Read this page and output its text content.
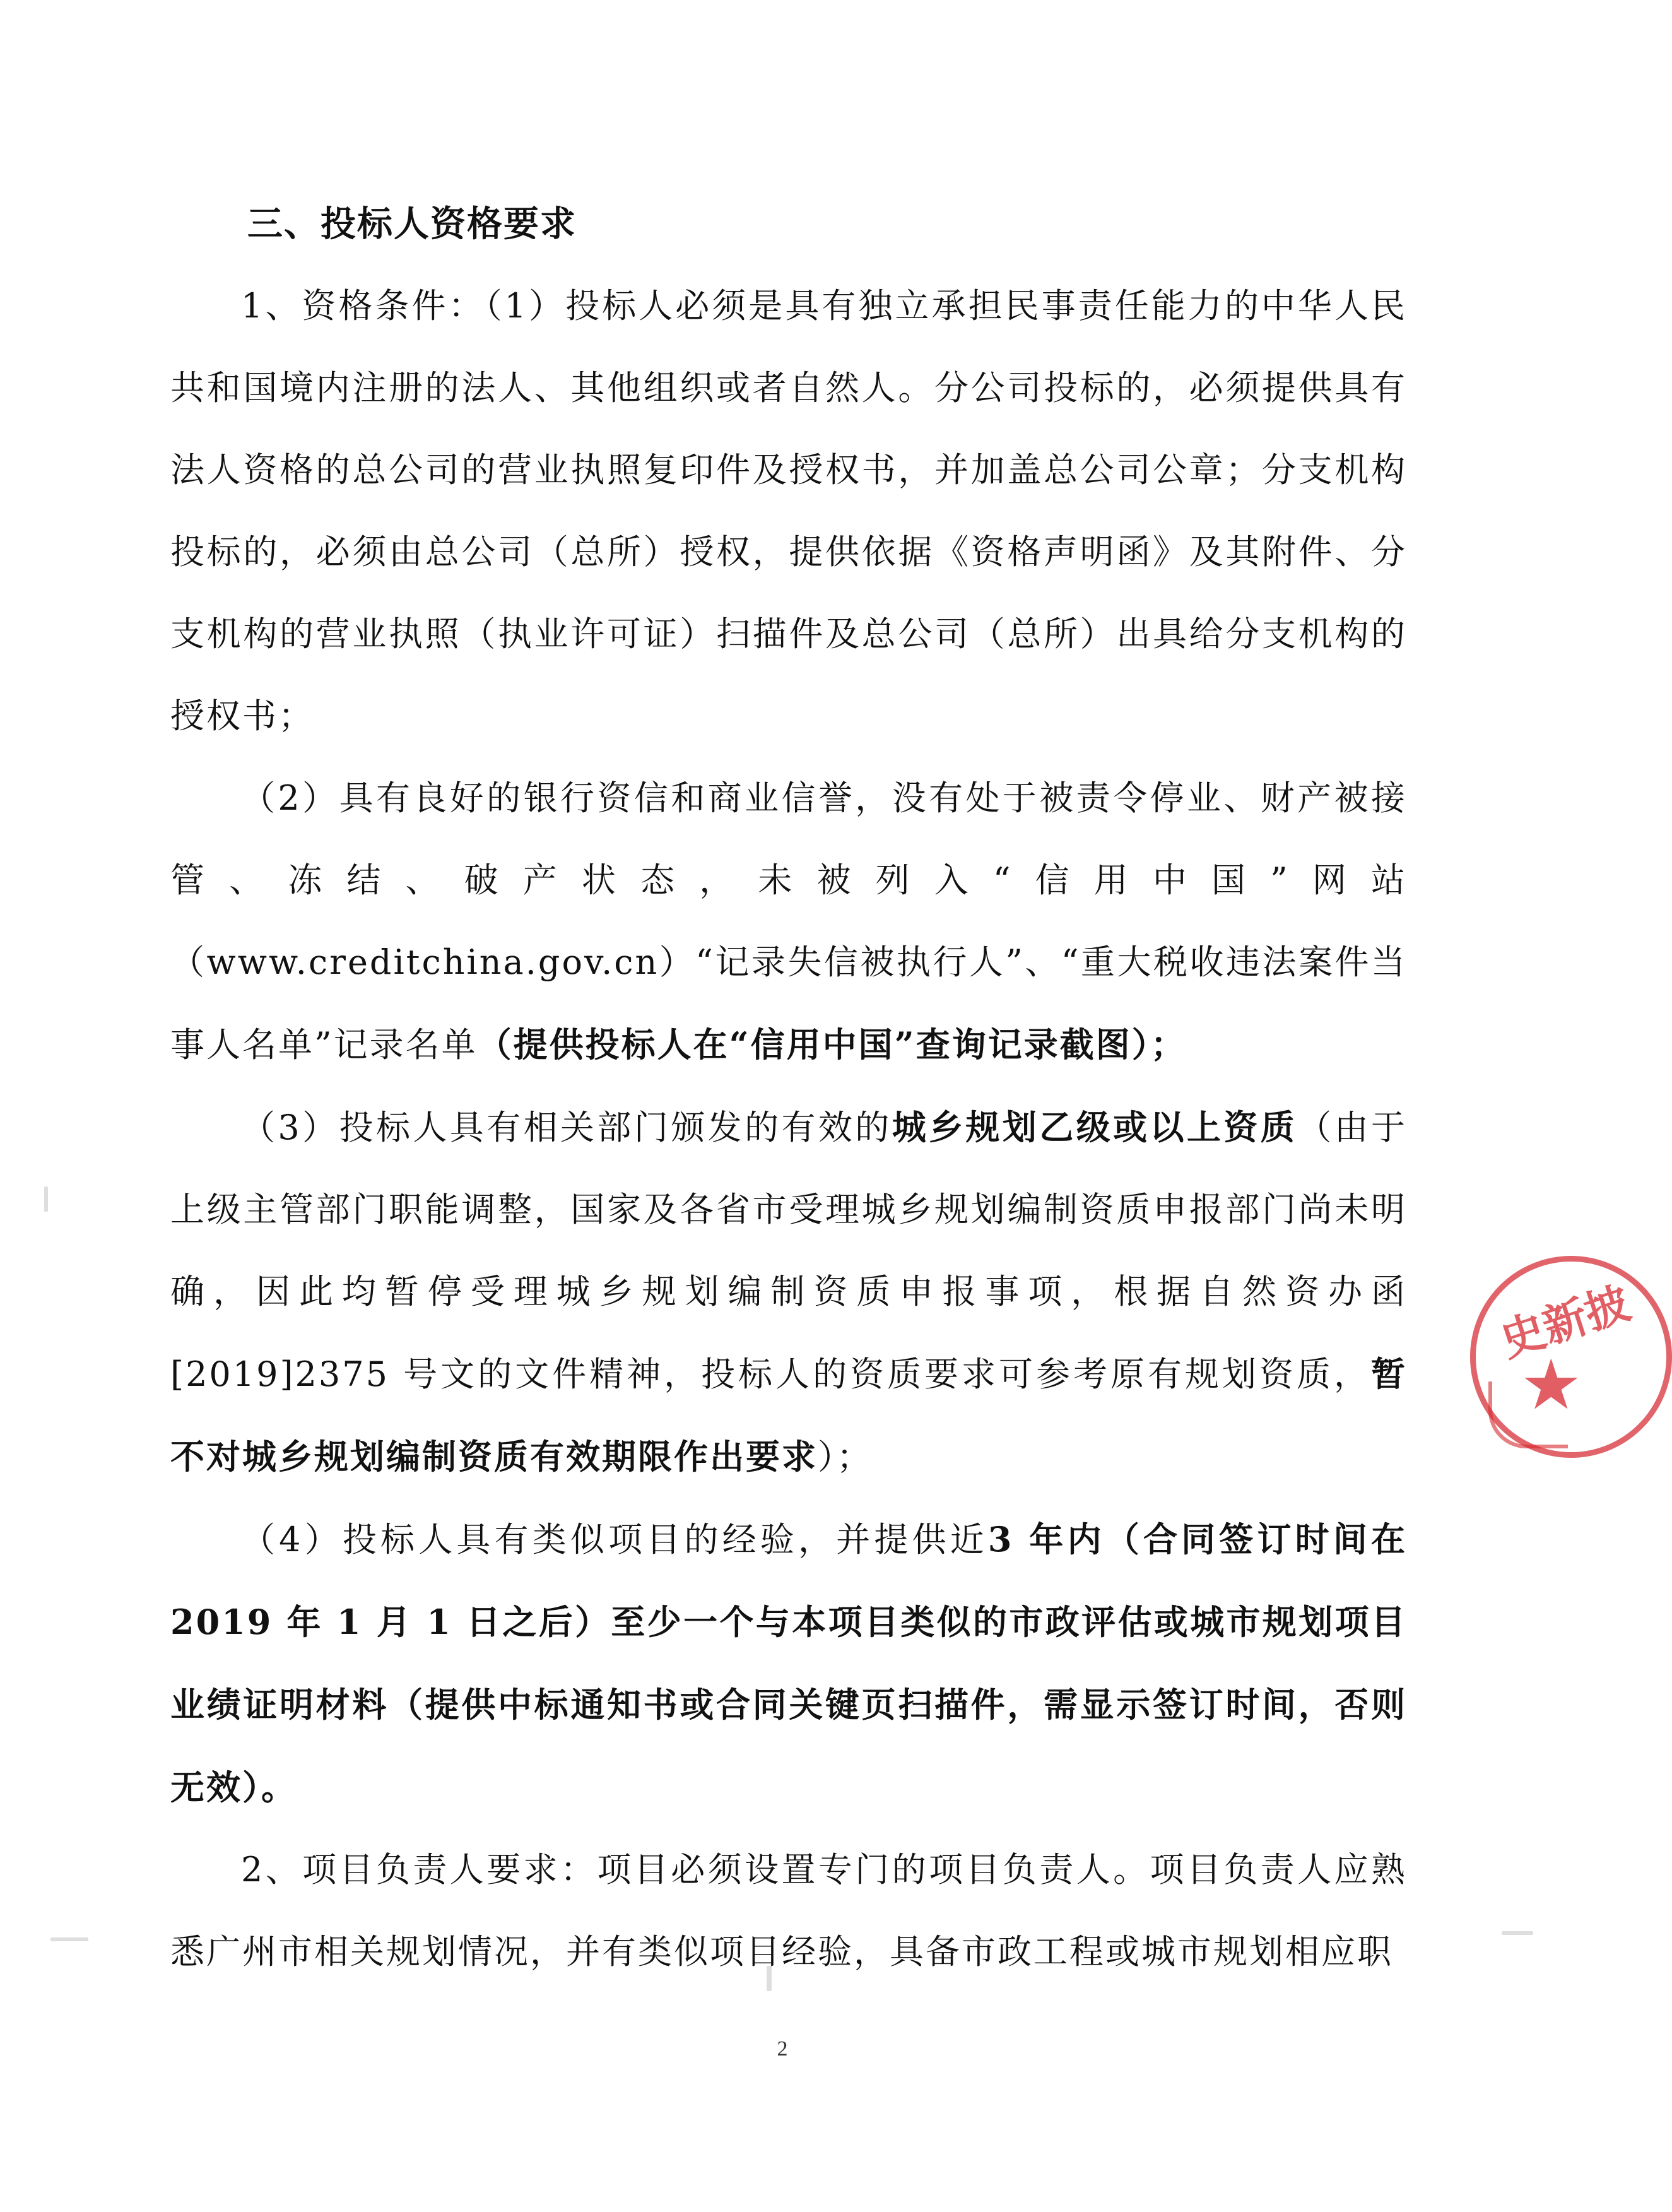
三、投标人资格要求

1、资格条件：（1）投标人必须是具有独立承担民事责任能力的中华人民共和国境内注册的法人、其他组织或者自然人。分公司投标的，必须提供具有法人资格的总公司的营业执照复印件及授权书，并加盖总公司公章；分支机构投标的，必须由总公司（总所）授权，提供依据《资格声明函》及其附件、分支机构的营业执照（执业许可证）扫描件及总公司（总所）出具给分支机构的授权书；

（2）具有良好的银行资信和商业信誉，没有处于被责令停业、财产被接管、冻结、破产状态，未被列入“信用中国”网站（www.creditchina.gov.cn）“记录失信被执行人”、“重大税收违法案件当事人名单”记录名单（提供投标人在“信用中国”查询记录截图）；

（3）投标人具有相关部门颁发的有效的城乡规划乙级或以上资质（由于上级主管部门职能调整，国家及各省市受理城乡规划编制资质申报部门尚未明确，因此均暂停受理城乡规划编制资质申报事项，根据自然资办函[2019]2375 号文的文件精神，投标人的资质要求可参考原有规划资质，暂不对城乡规划编制资质有效期限作出要求）；

（4）投标人具有类似项目的经验，并提供近3 年内（合同签订时间在 2019 年 1 月 1 日之后）至少一个与本项目类似的市政评估或城市规划项目业绩证明材料（提供中标通知书或合同关键页扫描件，需显示签订时间，否则无效）。

2、项目负责人要求：项目必须设置专门的项目负责人。项目负责人应熟悉广州市相关规划情况，并有类似项目经验，具备市政工程或城市规划相应职

2
史新披
★
